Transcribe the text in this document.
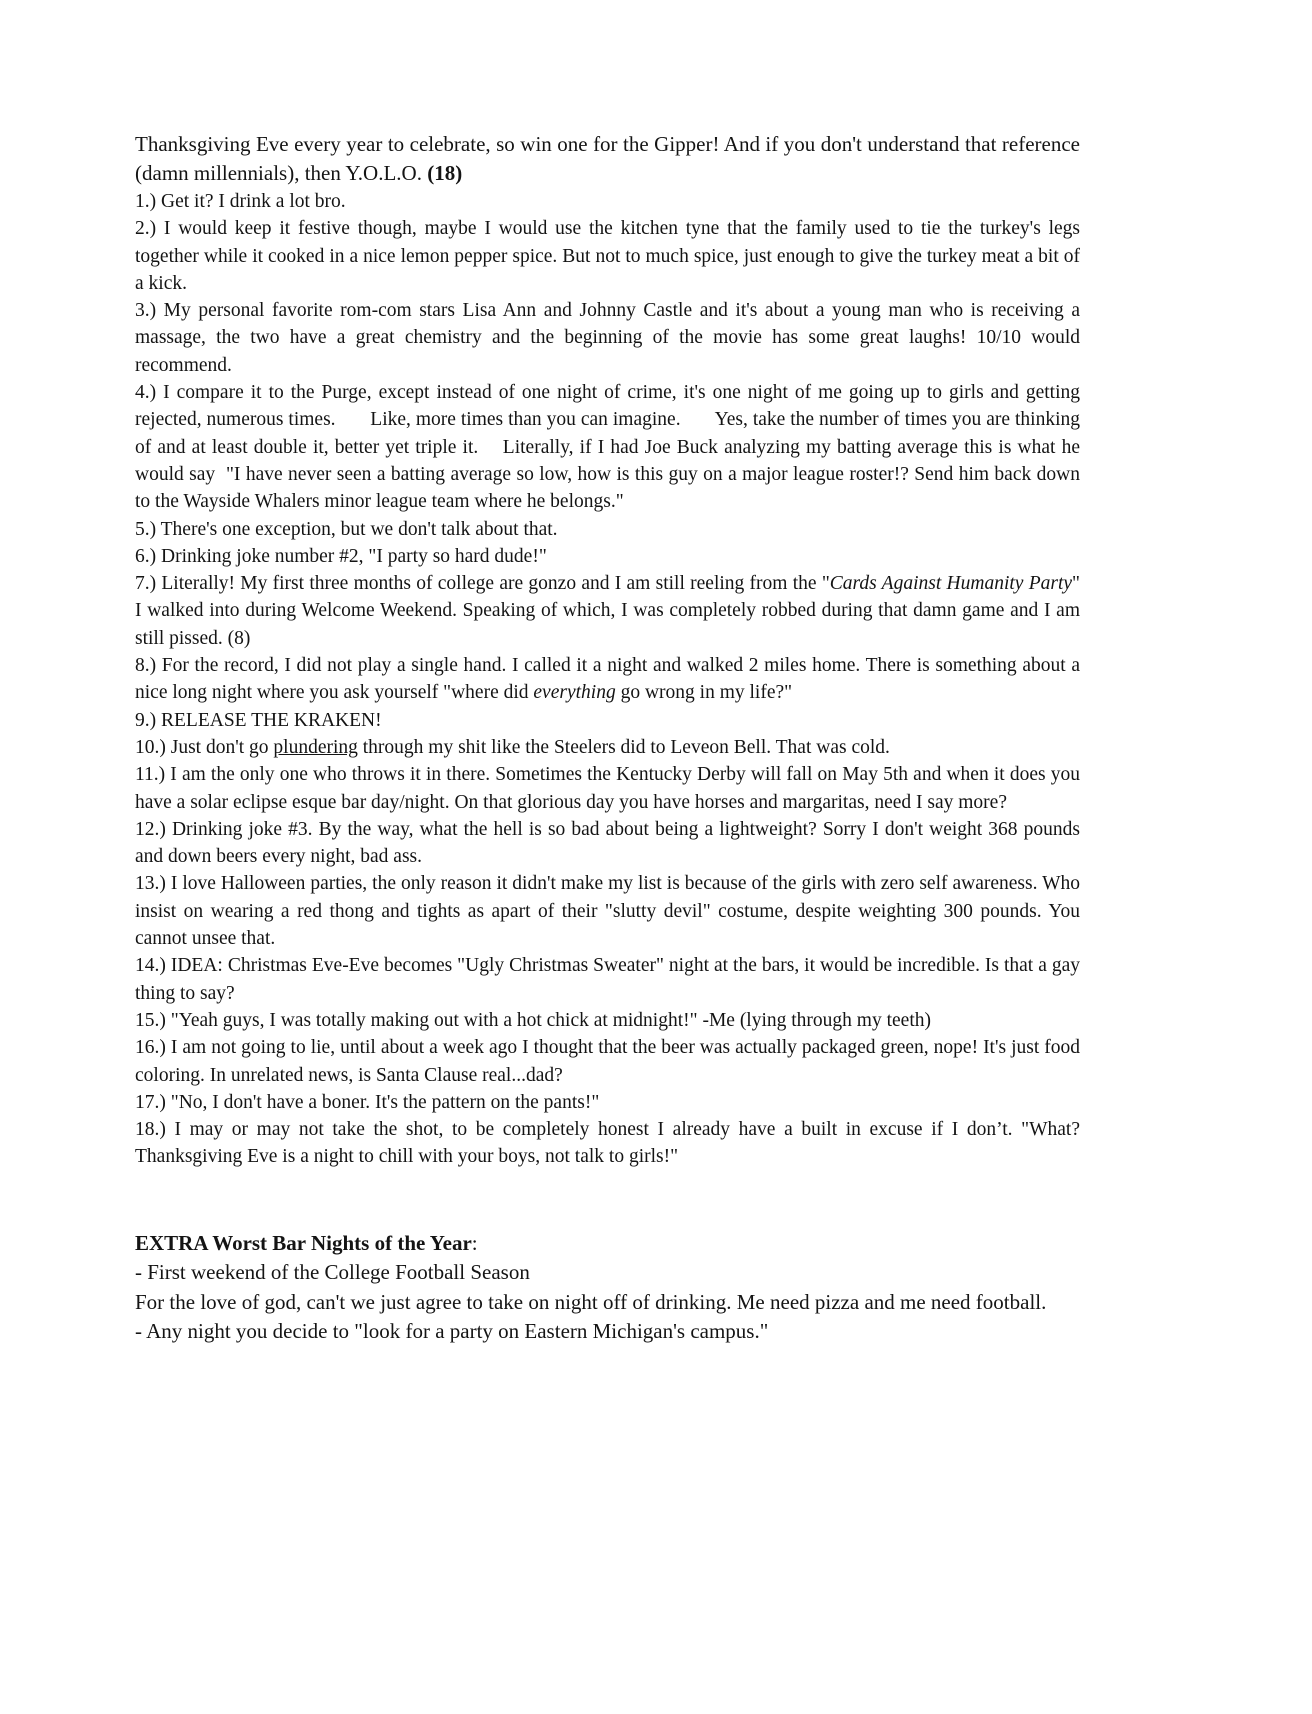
Thanksgiving Eve every year to celebrate, so win one for the Gipper! And if you don't understand that reference (damn millennials), then Y.O.L.O. (18)

1.) Get it? I drink a lot bro.

2.) I would keep it festive though, maybe I would use the kitchen tyne that the family used to tie the turkey's legs together while it cooked in a nice lemon pepper spice. But not to much spice, just enough to give the turkey meat a bit of a kick.

3.) My personal favorite rom-com stars Lisa Ann and Johnny Castle and it's about a young man who is receiving a massage, the two have a great chemistry and the beginning of the movie has some great laughs! 10/10 would recommend.

4.) I compare it to the Purge, except instead of one night of crime, it's one night of me going up to girls and getting rejected, numerous times.       Like, more times than you can imagine.       Yes, take the number of times you are thinking of and at least double it, better yet triple it.    Literally, if I had Joe Buck analyzing my batting average this is what he would say  "I have never seen a batting average so low, how is this guy on a major league roster!? Send him back down to the Wayside Whalers minor league team where he belongs."

5.) There's one exception, but we don't talk about that.

6.) Drinking joke number #2, "I party so hard dude!"

7.) Literally! My first three months of college are gonzo and I am still reeling from the "Cards Against Humanity Party" I walked into during Welcome Weekend. Speaking of which, I was completely robbed during that damn game and I am still pissed. (8)

8.) For the record, I did not play a single hand. I called it a night and walked 2 miles home. There is something about a nice long night where you ask yourself "where did everything go wrong in my life?"

9.) RELEASE THE KRAKEN!

10.) Just don't go plundering through my shit like the Steelers did to Leveon Bell. That was cold.

11.) I am the only one who throws it in there. Sometimes the Kentucky Derby will fall on May 5th and when it does you have a solar eclipse esque bar day/night. On that glorious day you have horses and margaritas, need I say more?

12.) Drinking joke #3. By the way, what the hell is so bad about being a lightweight? Sorry I don't weight 368 pounds and down beers every night, bad ass.

13.) I love Halloween parties, the only reason it didn't make my list is because of the girls with zero self awareness. Who insist on wearing a red thong and tights as apart of their "slutty devil" costume, despite weighting 300 pounds. You cannot unsee that.

14.) IDEA: Christmas Eve-Eve becomes "Ugly Christmas Sweater" night at the bars, it would be incredible. Is that a gay thing to say?

15.) "Yeah guys, I was totally making out with a hot chick at midnight!" -Me (lying through my teeth)

16.) I am not going to lie, until about a week ago I thought that the beer was actually packaged green, nope! It's just food coloring. In unrelated news, is Santa Clause real...dad?

17.) "No, I don't have a boner. It's the pattern on the pants!"

18.) I may or may not take the shot, to be completely honest I already have a built in excuse if I don’t. "What? Thanksgiving Eve is a night to chill with your boys, not talk to girls!"

EXTRA Worst Bar Nights of the Year:

- First weekend of the College Football Season

For the love of god, can't we just agree to take on night off of drinking. Me need pizza and me need football.

- Any night you decide to "look for a party on Eastern Michigan's campus."
